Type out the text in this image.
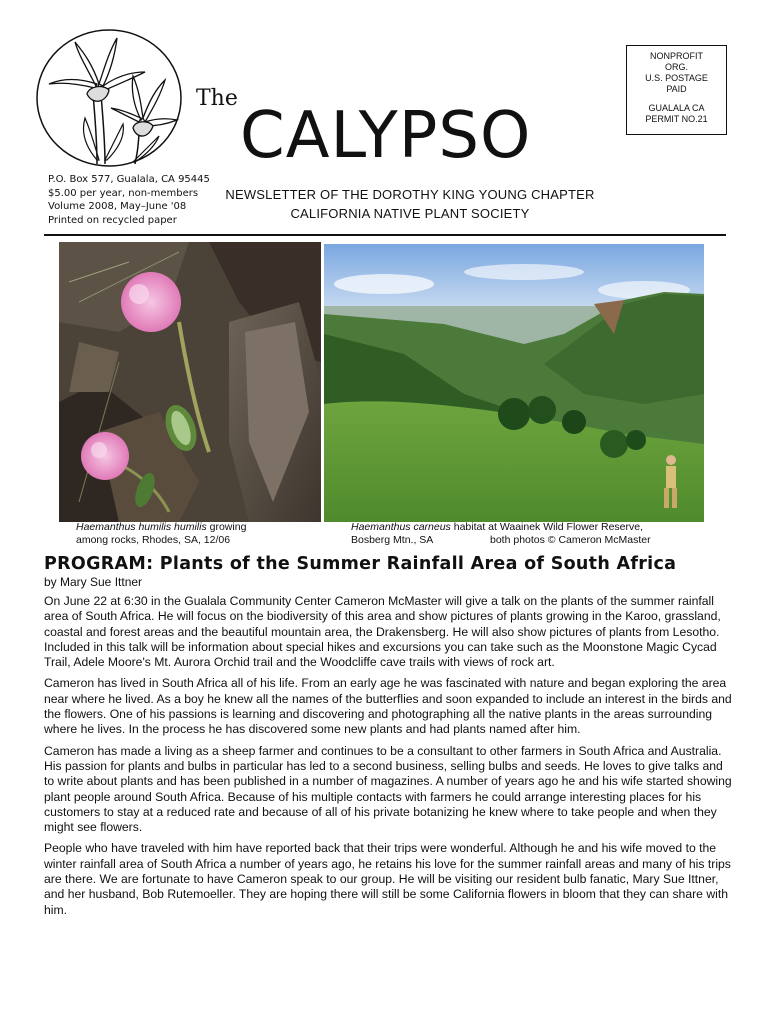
The
CALYPSO
NEWSLETTER OF THE DOROTHY KING YOUNG CHAPTER
CALIFORNIA NATIVE PLANT SOCIETY
P.O. Box 577, Gualala, CA 95445
$5.00 per year, non-members
Volume 2008, May–June '08
Printed on recycled paper
NONPROFIT
ORG.
U.S. POSTAGE
PAID
GUALALA CA
PERMIT NO.21
Haemanthus humilis humilis growing
among rocks, Rhodes, SA, 12/06
Haemanthus carneus habitat at Waainek Wild Flower Reserve,
Bosberg Mtn., SA	both photos © Cameron McMaster
PROGRAM: Plants of the Summer Rainfall Area of South Africa
by Mary Sue Ittner

On June 22 at 6:30 in the Gualala Community Center Cameron McMaster will give a talk on the plants of the summer rainfall area of South Africa. He will focus on the biodiversity of this area and show pictures of plants growing in the Karoo, grassland, coastal and forest areas and the beautiful mountain area, the Drakensberg. He will also show pictures of plants from Lesotho. Included in this talk will be information about special hikes and excursions you can take such as the Moonstone Magic Cycad Trail, Adele Moore's Mt. Aurora Orchid trail and the Woodcliffe cave trails with views of rock art.

Cameron has lived in South Africa all of his life. From an early age he was fascinated with nature and began exploring the area near where he lived. As a boy he knew all the names of the butterflies and soon expanded to include an interest in the birds and the flowers. One of his passions is learning and discovering and photographing all the native plants in the areas surrounding where he lives. In the process he has discovered some new plants and had plants named after him.

Cameron has made a living as a sheep farmer and continues to be a consultant to other farmers in South Africa and Australia. His passion for plants and bulbs in particular has led to a second business, selling bulbs and seeds. He loves to give talks and to write about plants and has been published in a number of magazines. A number of years ago he and his wife started showing plant people around South Africa. Because of his multiple contacts with farmers he could arrange interesting places for his customers to stay at a reduced rate and because of all of his private botanizing he knew where to take people and when they might see flowers.

People who have traveled with him have reported back that their trips were wonderful. Although he and his wife moved to the winter rainfall area of South Africa a number of years ago, he retains his love for the summer rainfall areas and many of his trips are there. We are fortunate to have Cameron speak to our group. He will be visiting our resident bulb fanatic, Mary Sue Ittner, and her husband, Bob Rutemoeller. They are hoping there will still be some California flowers in bloom that they can share with him.
